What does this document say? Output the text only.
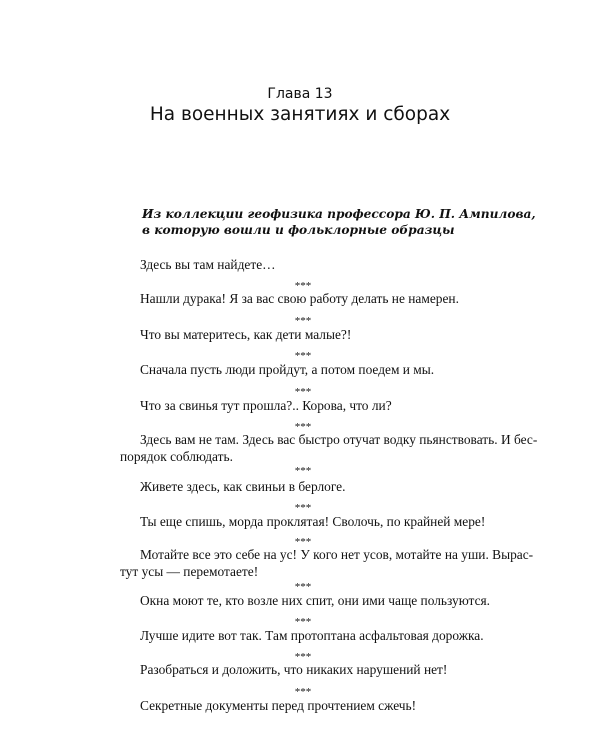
Глава 13
На военных занятиях и сборах
Из коллекции геофизика профессора Ю. П. Ампилова,
в которую вошли и фольклорные образцы
Здесь вы там найдете…
***
Нашли дурака! Я за вас свою работу делать не намерен.
***
Что вы материтесь, как дети малые?!
***
Сначала пусть люди пройдут, а потом поедем и мы.
***
Что за свинья тут прошла?.. Корова, что ли?
***
Здесь вам не там. Здесь вас быстро отучат водку пьянствовать. И бес-
порядок соблюдать.
***
Живете здесь, как свиньи в берлоге.
***
Ты еще спишь, морда проклятая! Сволочь, по крайней мере!
***
Мотайте все это себе на ус! У кого нет усов, мотайте на уши. Вырас-
тут усы — перемотаете!
***
Окна моют те, кто возле них спит, они ими чаще пользуются.
***
Лучше идите вот так. Там протоптана асфальтовая дорожка.
***
Разобраться и доложить, что никаких нарушений нет!
***
Секретные документы перед прочтением сжечь!
